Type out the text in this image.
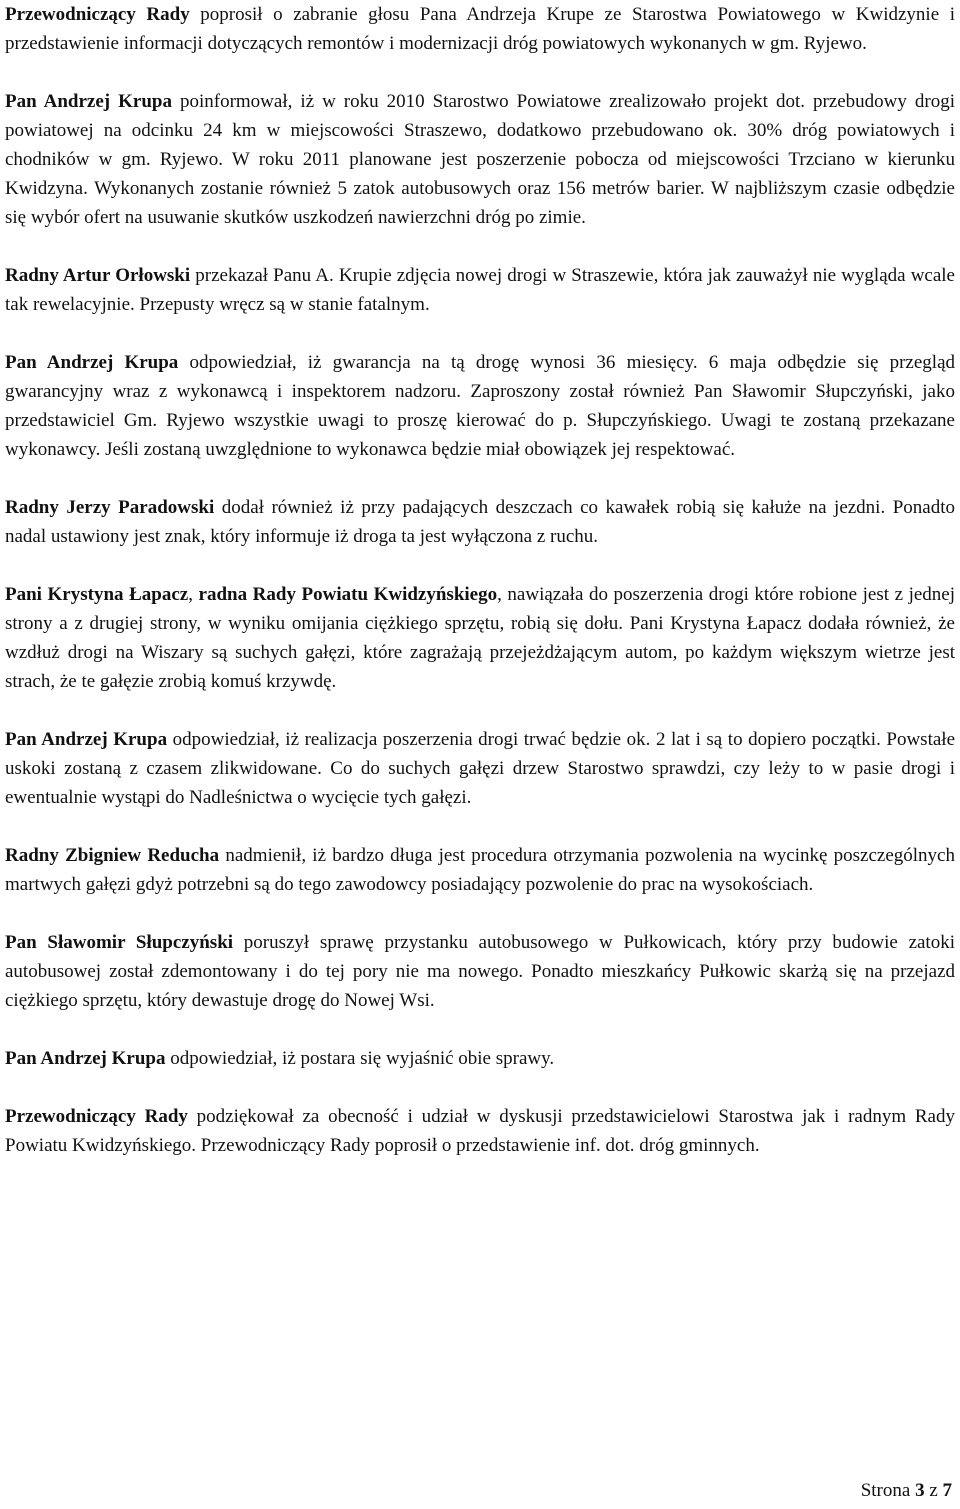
Przewodniczący Rady poprosił o zabranie głosu Pana Andrzeja Krupe ze Starostwa Powiatowego w Kwidzynie i przedstawienie informacji dotyczących remontów i modernizacji dróg powiatowych wykonanych w gm. Ryjewo.

Pan Andrzej Krupa poinformował, iż w roku 2010 Starostwo Powiatowe zrealizowało projekt dot. przebudowy drogi powiatowej na odcinku 24 km w miejscowości Straszewo, dodatkowo przebudowano ok. 30% dróg powiatowych i chodników w gm. Ryjewo. W roku 2011 planowane jest poszerzenie pobocza od miejscowości Trzciano w kierunku Kwidzyna. Wykonanych zostanie również 5 zatok autobusowych oraz 156 metrów barier. W najbliższym czasie odbędzie się wybór ofert na usuwanie skutków uszkodzeń nawierzchni dróg po zimie.

Radny Artur Orłowski przekazał Panu A. Krupie zdjęcia nowej drogi w Straszewie, która jak zauważył nie wygląda wcale tak rewelacyjnie. Przepusty wręcz są w stanie fatalnym.

Pan Andrzej Krupa odpowiedział, iż gwarancja na tą drogę wynosi 36 miesięcy. 6 maja odbędzie się przegląd gwarancyjny wraz z wykonawcą i inspektorem nadzoru. Zaproszony został również Pan Sławomir Słupczyński, jako przedstawiciel Gm. Ryjewo wszystkie uwagi to proszę kierować do p. Słupczyńskiego. Uwagi te zostaną przekazane wykonawcy. Jeśli zostaną uwzględnione to wykonawca będzie miał obowiązek jej respektować.

Radny Jerzy Paradowski dodał również iż przy padających deszczach co kawałek robią się kałuże na jezdni. Ponadto nadal ustawiony jest znak, który informuje iż droga ta jest wyłączona z ruchu.

Pani Krystyna Łapacz, radna Rady Powiatu Kwidzyńskiego, nawiązała do poszerzenia drogi które robione jest z jednej strony a z drugiej strony, w wyniku omijania ciężkiego sprzętu, robią się dołu. Pani Krystyna Łapacz dodała również, że wzdłuż drogi na Wiszary są suchych gałęzi, które zagrażają przejeżdżającym autom, po każdym większym wietrze jest strach, że te gałęzie zrobią komuś krzywdę.

Pan Andrzej Krupa odpowiedział, iż realizacja poszerzenia drogi trwać będzie ok. 2 lat i są to dopiero początki. Powstałe uskoki zostaną z czasem zlikwidowane. Co do suchych gałęzi drzew Starostwo sprawdzi, czy leży to w pasie drogi i ewentualnie wystąpi do Nadleśnictwa o wycięcie tych gałęzi.

Radny Zbigniew Reducha nadmienił, iż bardzo długa jest procedura otrzymania pozwolenia na wycinkę poszczególnych martwych gałęzi gdyż potrzebni są do tego zawodowcy posiadający pozwolenie do prac na wysokościach.

Pan Sławomir Słupczyński poruszył sprawę przystanku autobusowego w Pułkowicach, który przy budowie zatoki autobusowej został zdemontowany i do tej pory nie ma nowego. Ponadto mieszkańcy Pułkowic skarżą się na przejazd ciężkiego sprzętu, który dewastuje drogę do Nowej Wsi.

Pan Andrzej Krupa odpowiedział, iż postara się wyjaśnić obie sprawy.

Przewodniczący Rady podziękował za obecność i udział w dyskusji przedstawicielowi Starostwa jak i radnym Rady Powiatu Kwidzyńskiego. Przewodniczący Rady poprosił o przedstawienie inf. dot. dróg gminnych.

Strona 3 z 7
